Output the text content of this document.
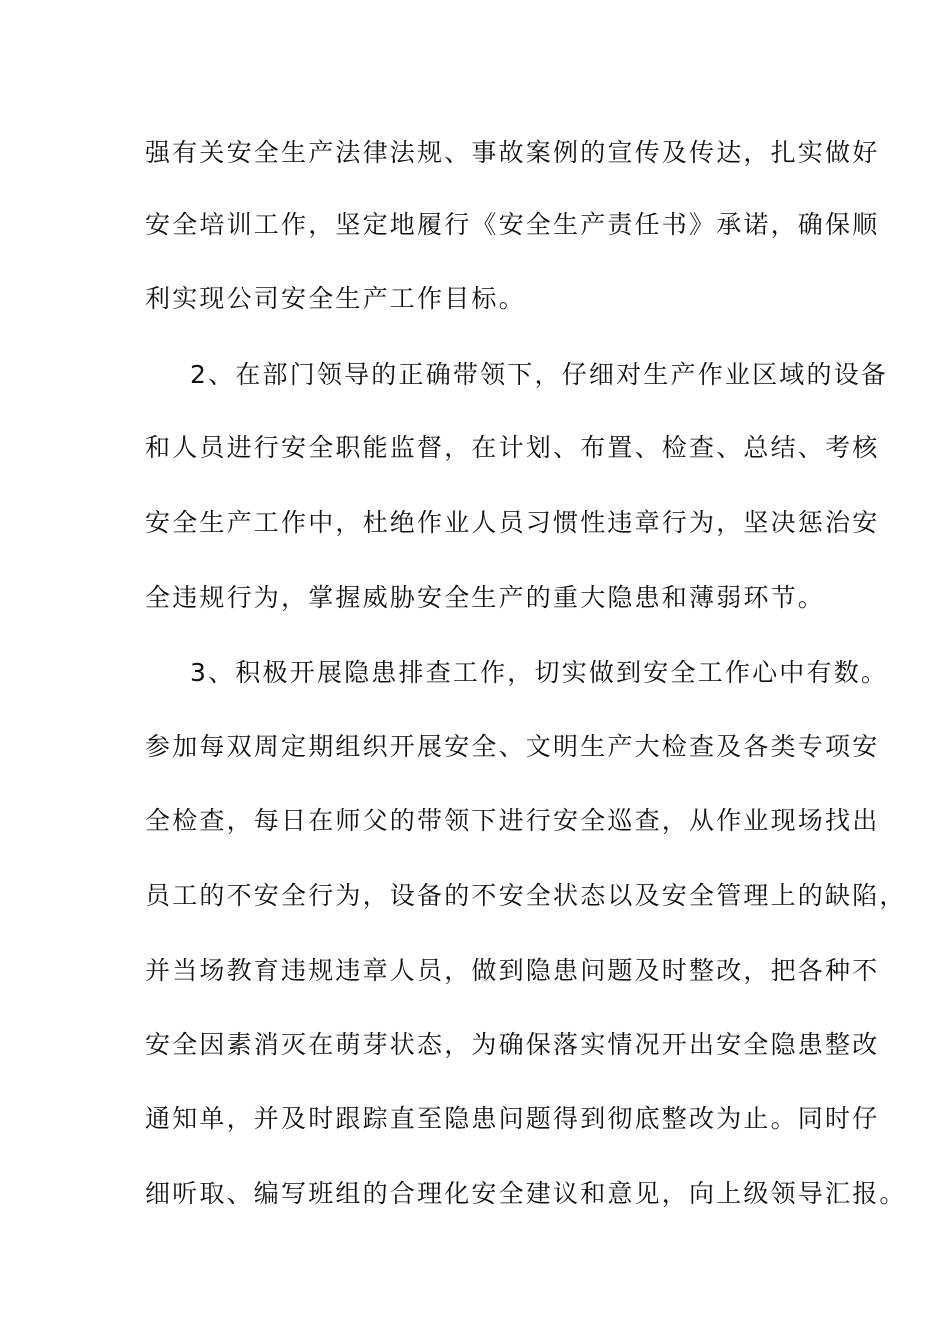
强有关安全生产法律法规、事故案例的宣传及传达，扎实做好
安全培训工作，坚定地履行《安全生产责任书》承诺，确保顺
利实现公司安全生产工作目标。
2、在部门领导的正确带领下，仔细对生产作业区域的设备
和人员进行安全职能监督，在计划、布置、检查、总结、考核
安全生产工作中，杜绝作业人员习惯性违章行为，坚决惩治安
全违规行为，掌握威胁安全生产的重大隐患和薄弱环节。
3、积极开展隐患排查工作，切实做到安全工作心中有数。
参加每双周定期组织开展安全、文明生产大检查及各类专项安
全检查，每日在师父的带领下进行安全巡查，从作业现场找出
员工的不安全行为，设备的不安全状态以及安全管理上的缺陷，
并当场教育违规违章人员，做到隐患问题及时整改，把各种不
安全因素消灭在萌芽状态，为确保落实情况开出安全隐患整改
通知单，并及时跟踪直至隐患问题得到彻底整改为止。同时仔
细听取、编写班组的合理化安全建议和意见，向上级领导汇报。
